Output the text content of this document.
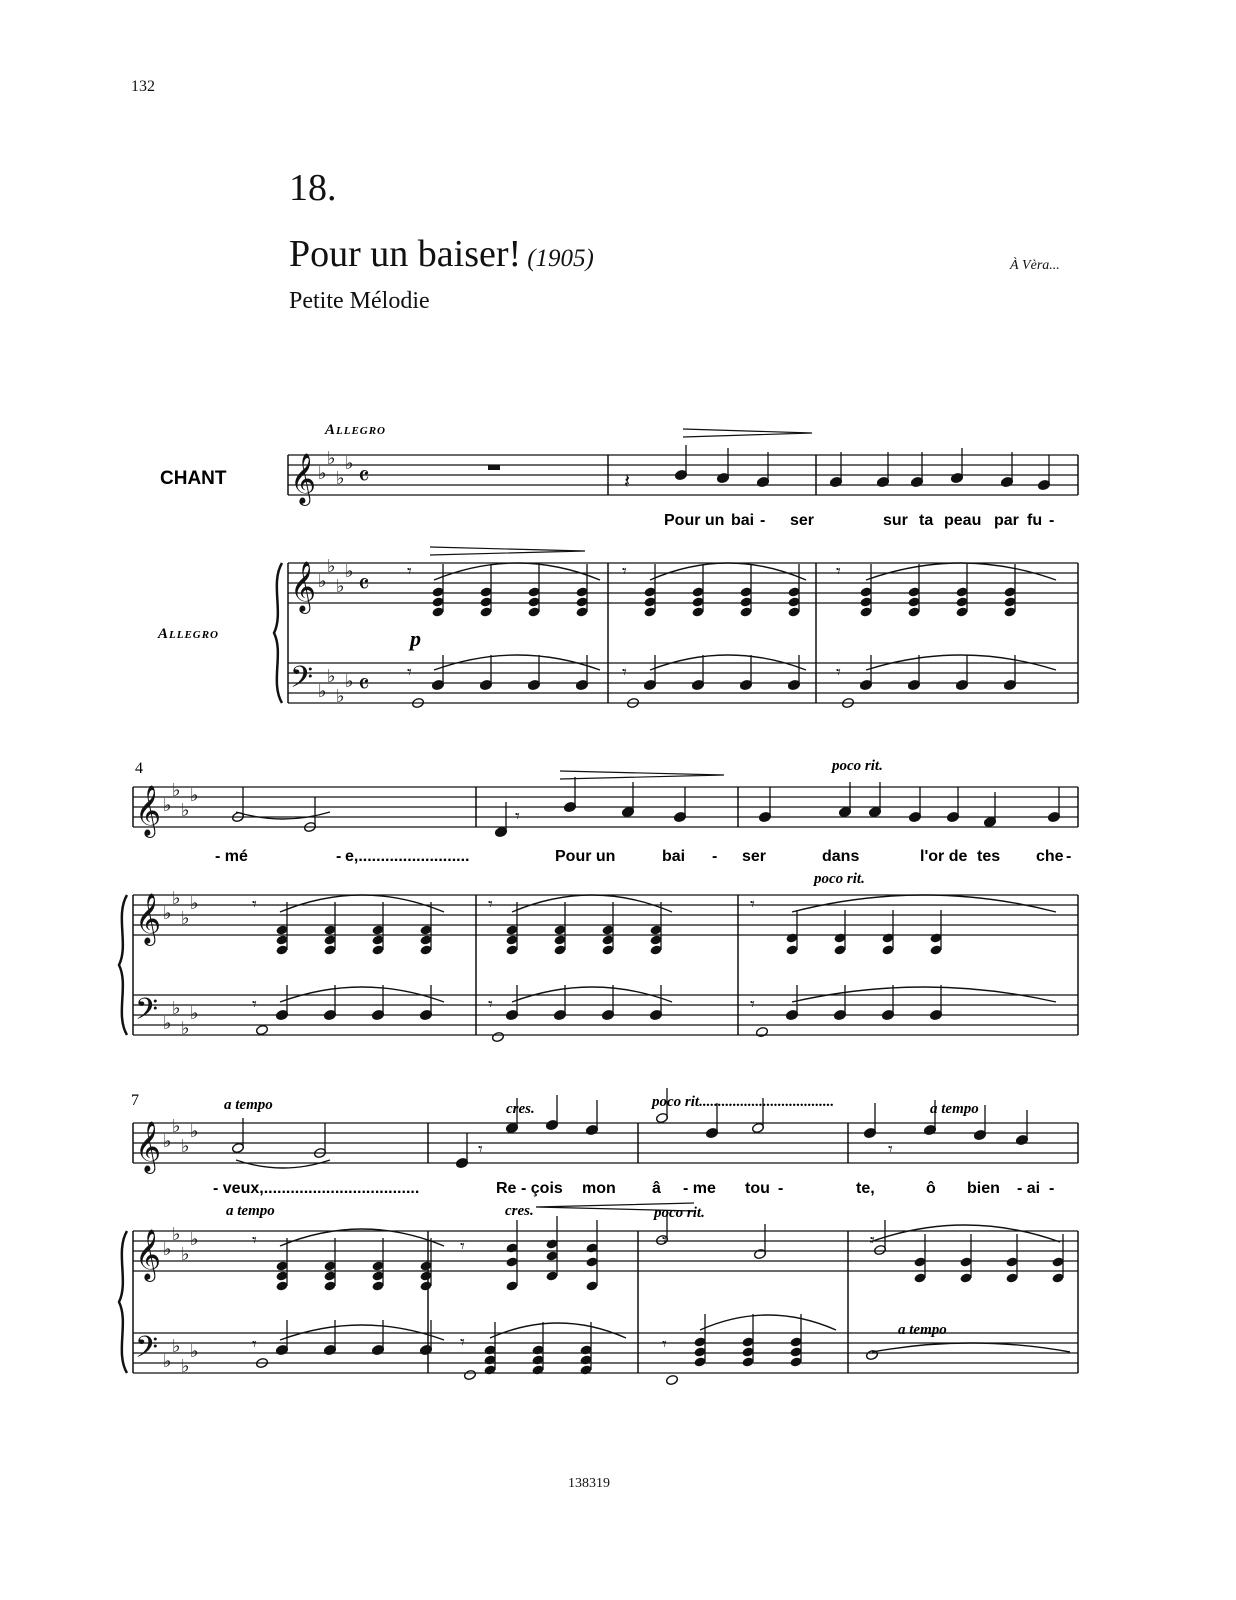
132
18.
Pour un baiser! (1905)	À Vèra...
Petite Mélodie
𝄞
𝄞
𝄢
♭
♭
♭
♭
♭
♭
♭
♭
♭
♭
♭
♭
𝄴
𝄴
𝄴
𝄞
𝄞
𝄢
♭
♭
♭
♭
♭
♭
♭
♭
♭
♭
♭
♭
𝄞
𝄞
𝄢
♭
♭
♭
♭
♭
♭
♭
♭
♭
♭
♭
♭
𝄽
𝄾	𝄾	𝄾
𝄾	𝄾	𝄾
𝄾
𝄾	𝄾	𝄾
𝄾	𝄾	𝄾
𝄾	𝄾
𝄾	𝄾	𝄾	𝄾
𝄾	𝄾	𝄾
Allegro
CHANT
Allegro	p
Pour un bai - ser	sur ta peau par fu -
4	poco rit.
poco rit.
- mé	- e,.........................	Pour un	bai - ser	dans	l'or de tes che -
7	a tempo	cres.	poco rit....................................	a tempo
a tempo	cres.	poco rit.
a tempo
- veux,...................................	Re - çois mon â - me tou -	te,	ô bien - ai -
138319
